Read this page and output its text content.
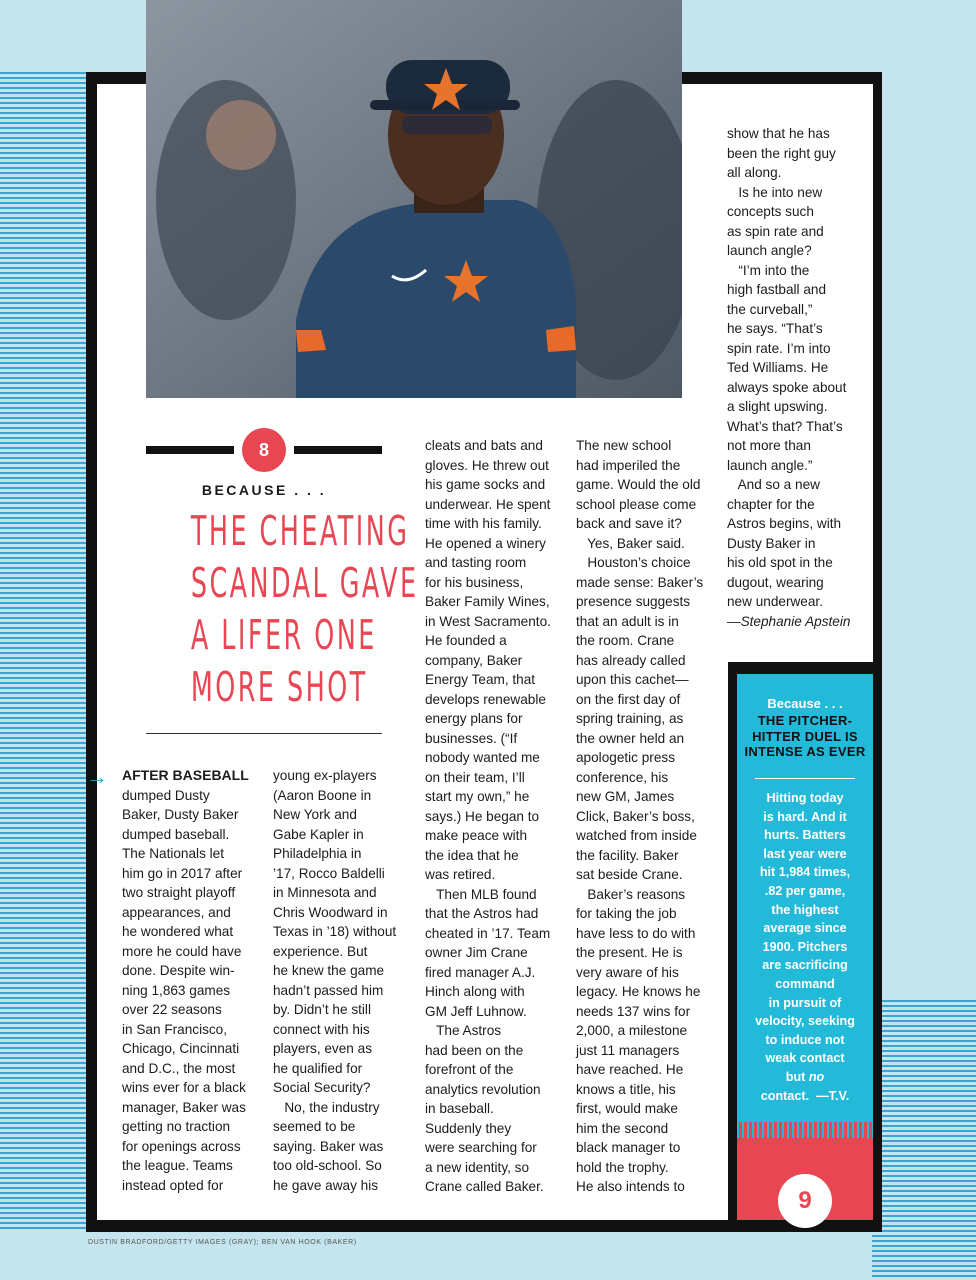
8
BECAUSE . . .
THE CHEATING
SCANDAL GAVE
A LIFER ONE
MORE SHOT
→ AFTER BASEBALL
dumped Dusty
Baker, Dusty Baker
dumped baseball.
The Nationals let
him go in 2017 after
two straight playoff
appearances, and
he wondered what
more he could have
done. Despite win-
ning 1,863 games
over 22 seasons
in San Francisco,
Chicago, Cincinnati
and D.C., the most
wins ever for a black
manager, Baker was
getting no traction
for openings across
the league. Teams
instead opted for
young ex-players
(Aaron Boone in
New York and
Gabe Kapler in
Philadelphia in
’17, Rocco Baldelli
in Minnesota and
Chris Woodward in
Texas in ’18) without
experience. But
he knew the game
hadn’t passed him
by. Didn’t he still
connect with his
players, even as
he qualified for
Social Security?
No, the industry
seemed to be
saying. Baker was
too old-school. So
he gave away his
cleats and bats and
gloves. He threw out
his game socks and
underwear. He spent
time with his family.
He opened a winery
and tasting room
for his business,
Baker Family Wines,
in West Sacramento.
He founded a
company, Baker
Energy Team, that
develops renewable
energy plans for
businesses. (“If
nobody wanted me
on their team, I’ll
start my own,” he
says.) He began to
make peace with
the idea that he
was retired.
Then MLB found
that the Astros had
cheated in ’17. Team
owner Jim Crane
fired manager A.J.
Hinch along with
GM Jeff Luhnow.
The Astros
had been on the
forefront of the
analytics revolution
in baseball.
Suddenly they
were searching for
a new identity, so
Crane called Baker.
The new school
had imperiled the
game. Would the old
school please come
back and save it?
Yes, Baker said.
Houston’s choice
made sense: Baker’s
presence suggests
that an adult is in
the room. Crane
has already called
upon this cachet—
on the first day of
spring training, as
the owner held an
apologetic press
conference, his
new GM, James
Click, Baker’s boss,
watched from inside
the facility. Baker
sat beside Crane.
Baker’s reasons
for taking the job
have less to do with
the present. He is
very aware of his
legacy. He knows he
needs 137 wins for
2,000, a milestone
just 11 managers
have reached. He
knows a title, his
first, would make
him the second
black manager to
hold the trophy.
He also intends to
show that he has
been the right guy
all along.
Is he into new
concepts such
as spin rate and
launch angle?
“I’m into the
high fastball and
the curveball,”
he says. “That’s
spin rate. I’m into
Ted Williams. He
always spoke about
a slight upswing.
What’s that? That’s
not more than
launch angle.”
And so a new
chapter for the
Astros begins, with
Dusty Baker in
his old spot in the
dugout, wearing
new underwear.
—Stephanie Apstein
Because . . .
THE PITCHER-
HITTER DUEL IS
INTENSE AS EVER
Hitting today
is hard. And it
hurts. Batters
last year were
hit 1,984 times,
.82 per game,
the highest
average since
1900. Pitchers
are sacrificing
command
in pursuit of
velocity, seeking
to induce not
weak contact
but no
contact.  —T.V.
9
DUSTIN BRADFORD/GETTY IMAGES (GRAY); BEN VAN HOOK (BAKER)
